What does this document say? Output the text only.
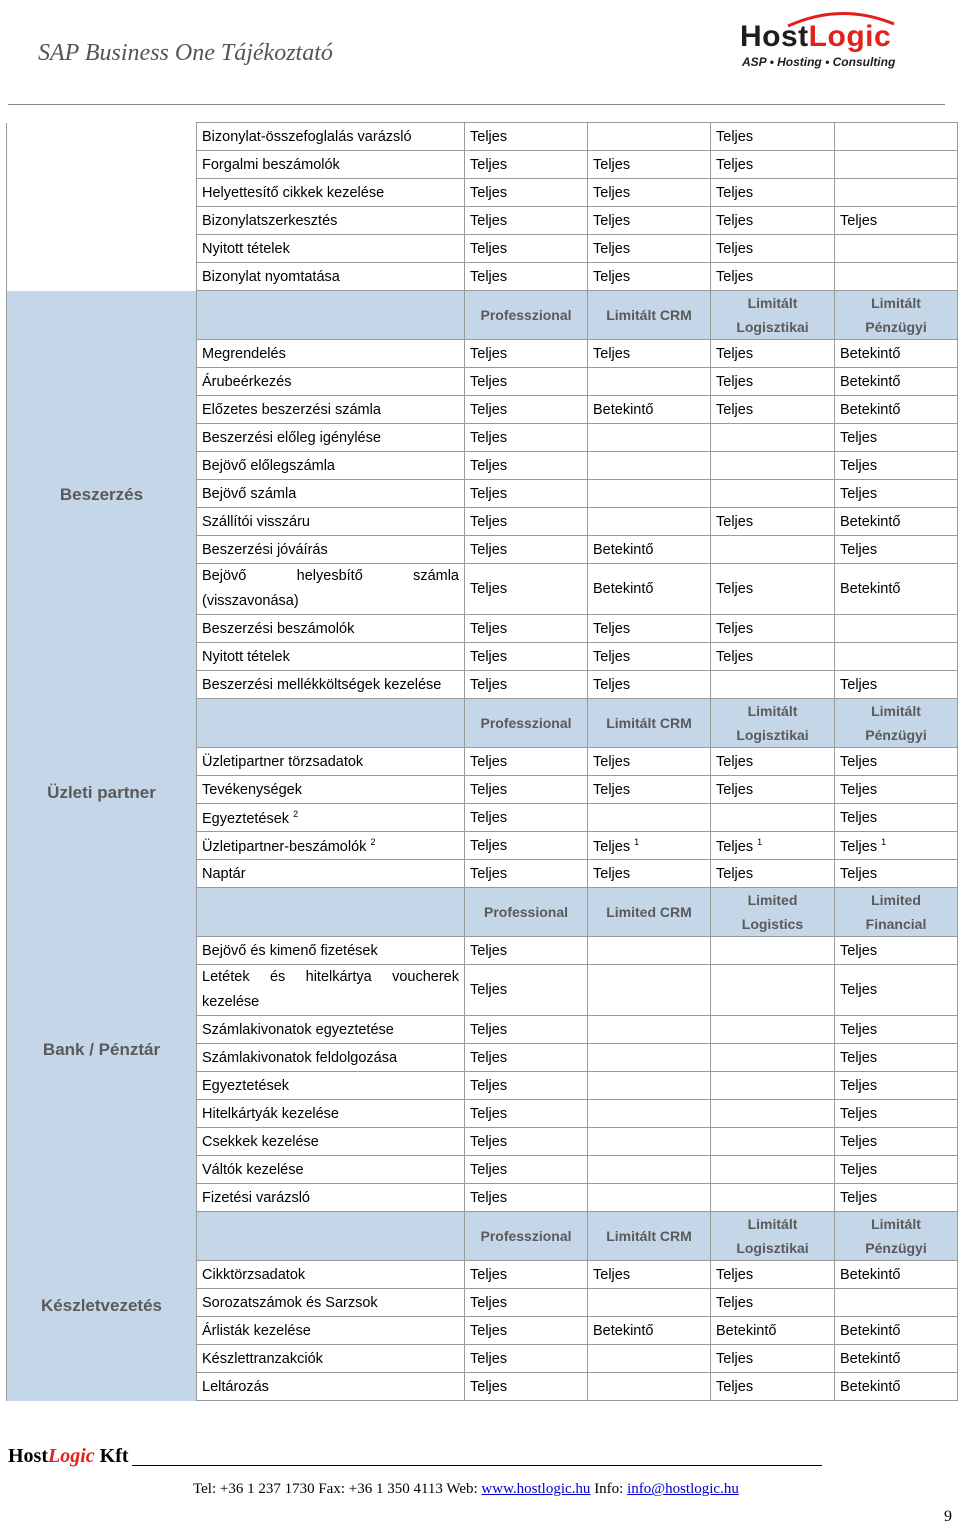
SAP Business One Tájékoztató	HostLogic
ASP • Hosting • Consulting
	Bizonylat-összefoglalás varázsló	Teljes		Teljes	
	Forgalmi beszámolók	Teljes	Teljes	Teljes	
	Helyettesítő cikkek kezelése	Teljes	Teljes	Teljes	
	Bizonylatszerkesztés	Teljes	Teljes	Teljes	Teljes
	Nyitott tételek	Teljes	Teljes	Teljes	
	Bizonylat nyomtatása	Teljes	Teljes	Teljes	

Beszerzés		Professzional	Limitált CRM	Limitált Logisztikai	Limitált Pénzügyi
	Megrendelés	Teljes	Teljes	Teljes	Betekintő
	Árubeérkezés	Teljes		Teljes	Betekintő
	Előzetes beszerzési számla	Teljes	Betekintő	Teljes	Betekintő
	Beszerzési előleg igénylése	Teljes			Teljes
	Bejövő előlegszámla	Teljes			Teljes
	Bejövő számla	Teljes			Teljes
	Szállítói visszáru	Teljes		Teljes	Betekintő
	Beszerzési jóváírás	Teljes	Betekintő		Teljes
	Bejövő helyesbítő számla (visszavonása)	Teljes	Betekintő	Teljes	Betekintő
	Beszerzési beszámolók	Teljes	Teljes	Teljes	
	Nyitott tételek	Teljes	Teljes	Teljes	
	Beszerzési mellékköltségek kezelése	Teljes	Teljes		Teljes

Üzleti partner		Professzional	Limitált CRM	Limitált Logisztikai	Limitált Pénzügyi
	Üzletipartner törzsadatok	Teljes	Teljes	Teljes	Teljes
	Tevékenységek	Teljes	Teljes	Teljes	Teljes
	Egyeztetések $^2$	Teljes			Teljes
	Üzletipartner-beszámolók $^2$	Teljes	Teljes $^1$	Teljes $^1$	Teljes $^1$
	Naptár	Teljes	Teljes	Teljes	Teljes

Bank / Pénztár		Professional	Limited CRM	Limited Logistics	Limited Financial
	Bejövő és kimenő fizetések	Teljes			Teljes
	Letétek és hitelkártya voucherek kezelése	Teljes			Teljes
	Számlakivonatok egyeztetése	Teljes			Teljes
	Számlakivonatok feldolgozása	Teljes			Teljes
	Egyeztetések	Teljes			Teljes
	Hitelkártyák kezelése	Teljes			Teljes
	Csekkek kezelése	Teljes			Teljes
	Váltók kezelése	Teljes			Teljes
	Fizetési varázsló	Teljes			Teljes

Készletvezetés		Professzional	Limitált CRM	Limitált Logisztikai	Limitált Pénzügyi
	Cikktörzsadatok	Teljes	Teljes	Teljes	Betekintő
	Sorozatszámok és Sarzsok	Teljes		Teljes	
	Árlisták kezelése	Teljes	Betekintő	Betekintő	Betekintő
	Készlettranzakciók	Teljes		Teljes	Betekintő
	Leltározás	Teljes		Teljes	Betekintő
HostLogic Kft
Tel: +36 1 237 1730 Fax: +36 1 350 4113 Web: www.hostlogic.hu Info: info@hostlogic.hu
9
